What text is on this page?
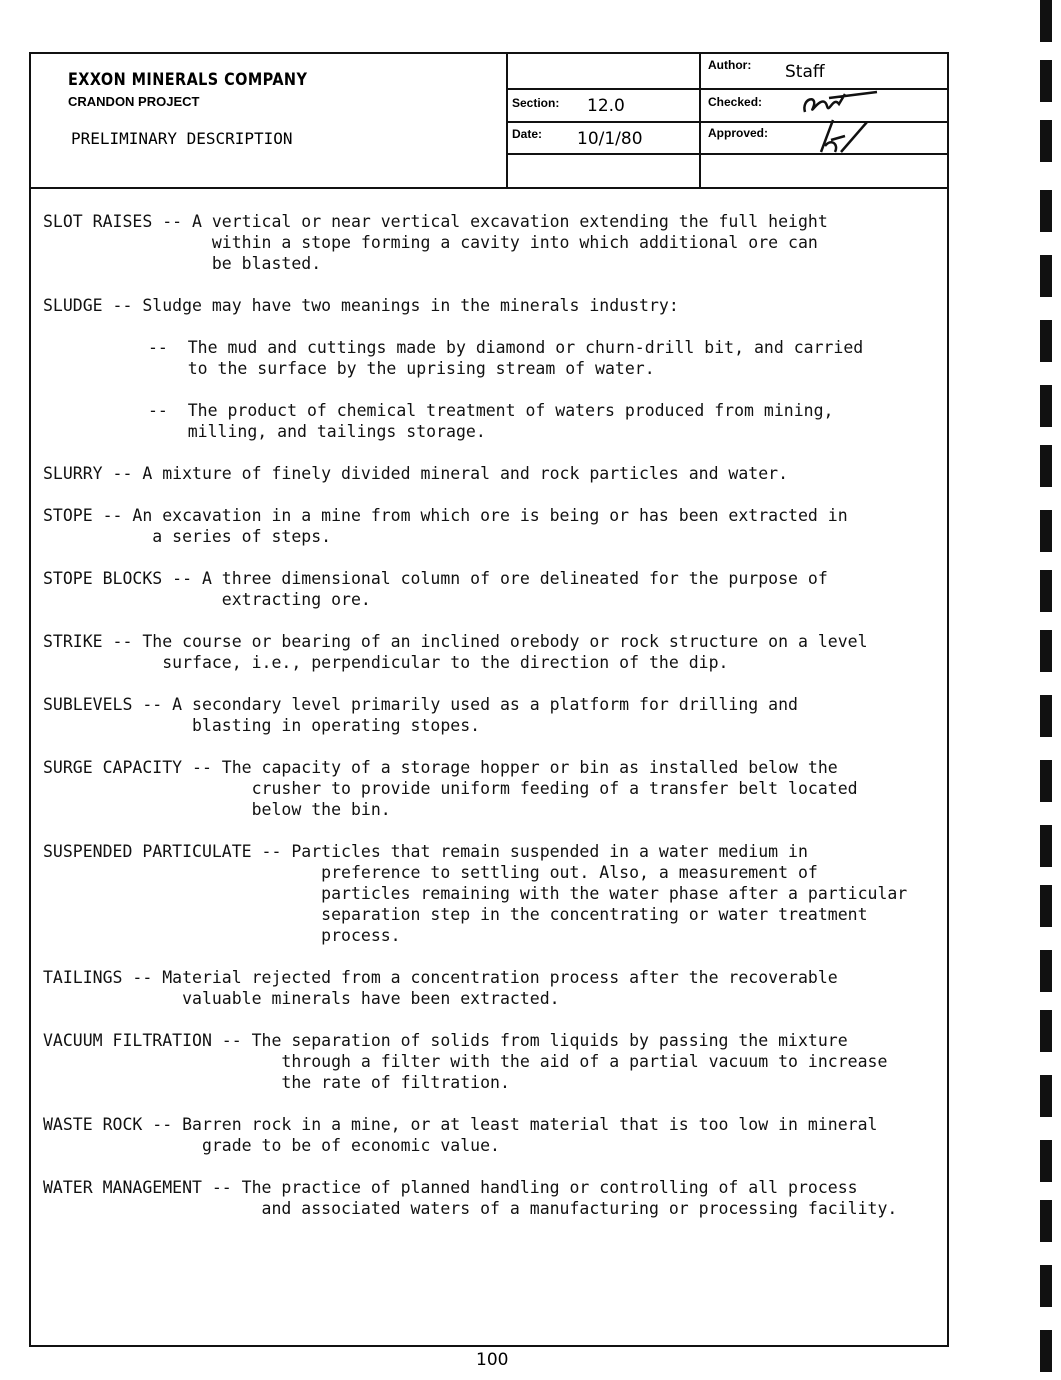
EXXON MINERALS COMPANY
CRANDON PROJECT
PRELIMINARY DESCRIPTION
Author: Staff
Section: 12.0	Checked:
Date: 10/1/80	Approved:
SLOT RAISES -- A vertical or near vertical excavation extending the full height
within a stope forming a cavity into which additional ore can
be blasted.
SLUDGE -- Sludge may have two meanings in the minerals industry:
--  The mud and cuttings made by diamond or churn-drill bit, and carried
to the surface by the uprising stream of water.
--  The product of chemical treatment of waters produced from mining,
milling, and tailings storage.
SLURRY -- A mixture of finely divided mineral and rock particles and water.
STOPE -- An excavation in a mine from which ore is being or has been extracted in
a series of steps.
STOPE BLOCKS -- A three dimensional column of ore delineated for the purpose of
extracting ore.
STRIKE -- The course or bearing of an inclined orebody or rock structure on a level
surface, i.e., perpendicular to the direction of the dip.
SUBLEVELS -- A secondary level primarily used as a platform for drilling and
blasting in operating stopes.
SURGE CAPACITY -- The capacity of a storage hopper or bin as installed below the
crusher to provide uniform feeding of a transfer belt located
below the bin.
SUSPENDED PARTICULATE -- Particles that remain suspended in a water medium in
preference to settling out. Also, a measurement of
particles remaining with the water phase after a particular
separation step in the concentrating or water treatment
process.
TAILINGS -- Material rejected from a concentration process after the recoverable
valuable minerals have been extracted.
VACUUM FILTRATION -- The separation of solids from liquids by passing the mixture
through a filter with the aid of a partial vacuum to increase
the rate of filtration.
WASTE ROCK -- Barren rock in a mine, or at least material that is too low in mineral
grade to be of economic value.
WATER MANAGEMENT -- The practice of planned handling or controlling of all process
and associated waters of a manufacturing or processing facility.
100
